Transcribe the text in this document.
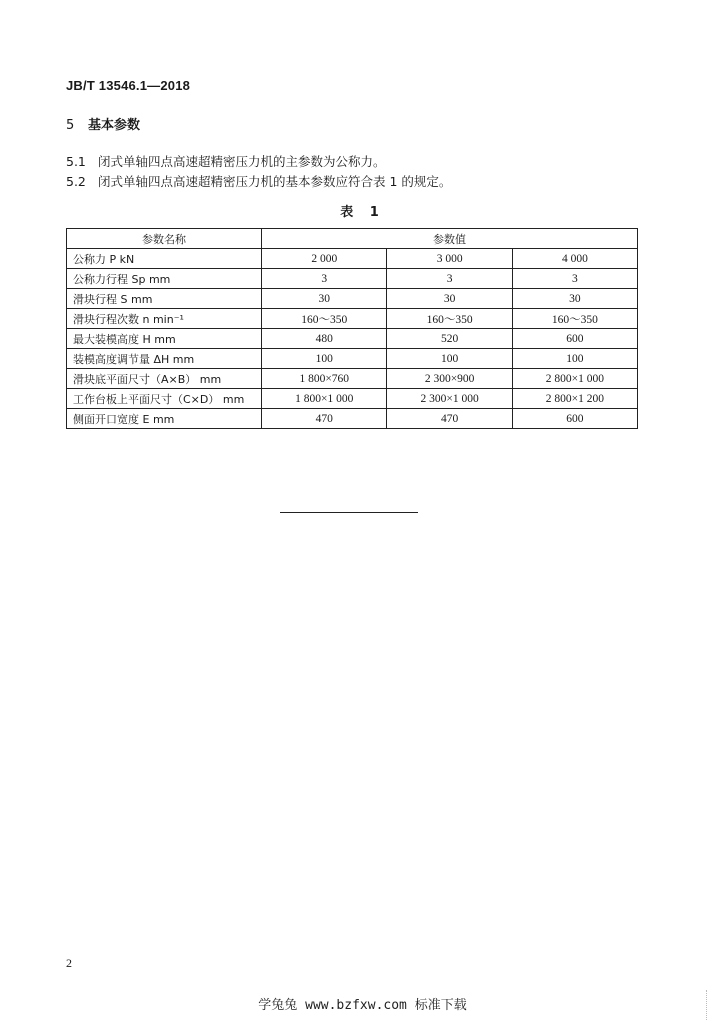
JB/T 13546.1—2018
5 基本参数
5.1 闭式单轴四点高速超精密压力机的主参数为公称力。
5.2 闭式单轴四点高速超精密压力机的基本参数应符合表 1 的规定。
表 1
参数名称	参数值		
公称力 P kN	2 000	3 000	4 000
公称力行程 Sp mm	3	3	3
滑块行程 S mm	30	30	30
滑块行程次数 n min⁻¹	160～350	160～350	160～350
最大装模高度 H mm	480	520	600
装模高度调节量 ΔH mm	100	100	100
滑块底平面尺寸（A×B） mm	1 800×760	2 300×900	2 800×1 000
工作台板上平面尺寸（C×D） mm	1 800×1 000	2 300×1 000	2 800×1 200
侧面开口宽度 E mm	470	470	600
2
学兔兔 www.bzfxw.com 标准下载
